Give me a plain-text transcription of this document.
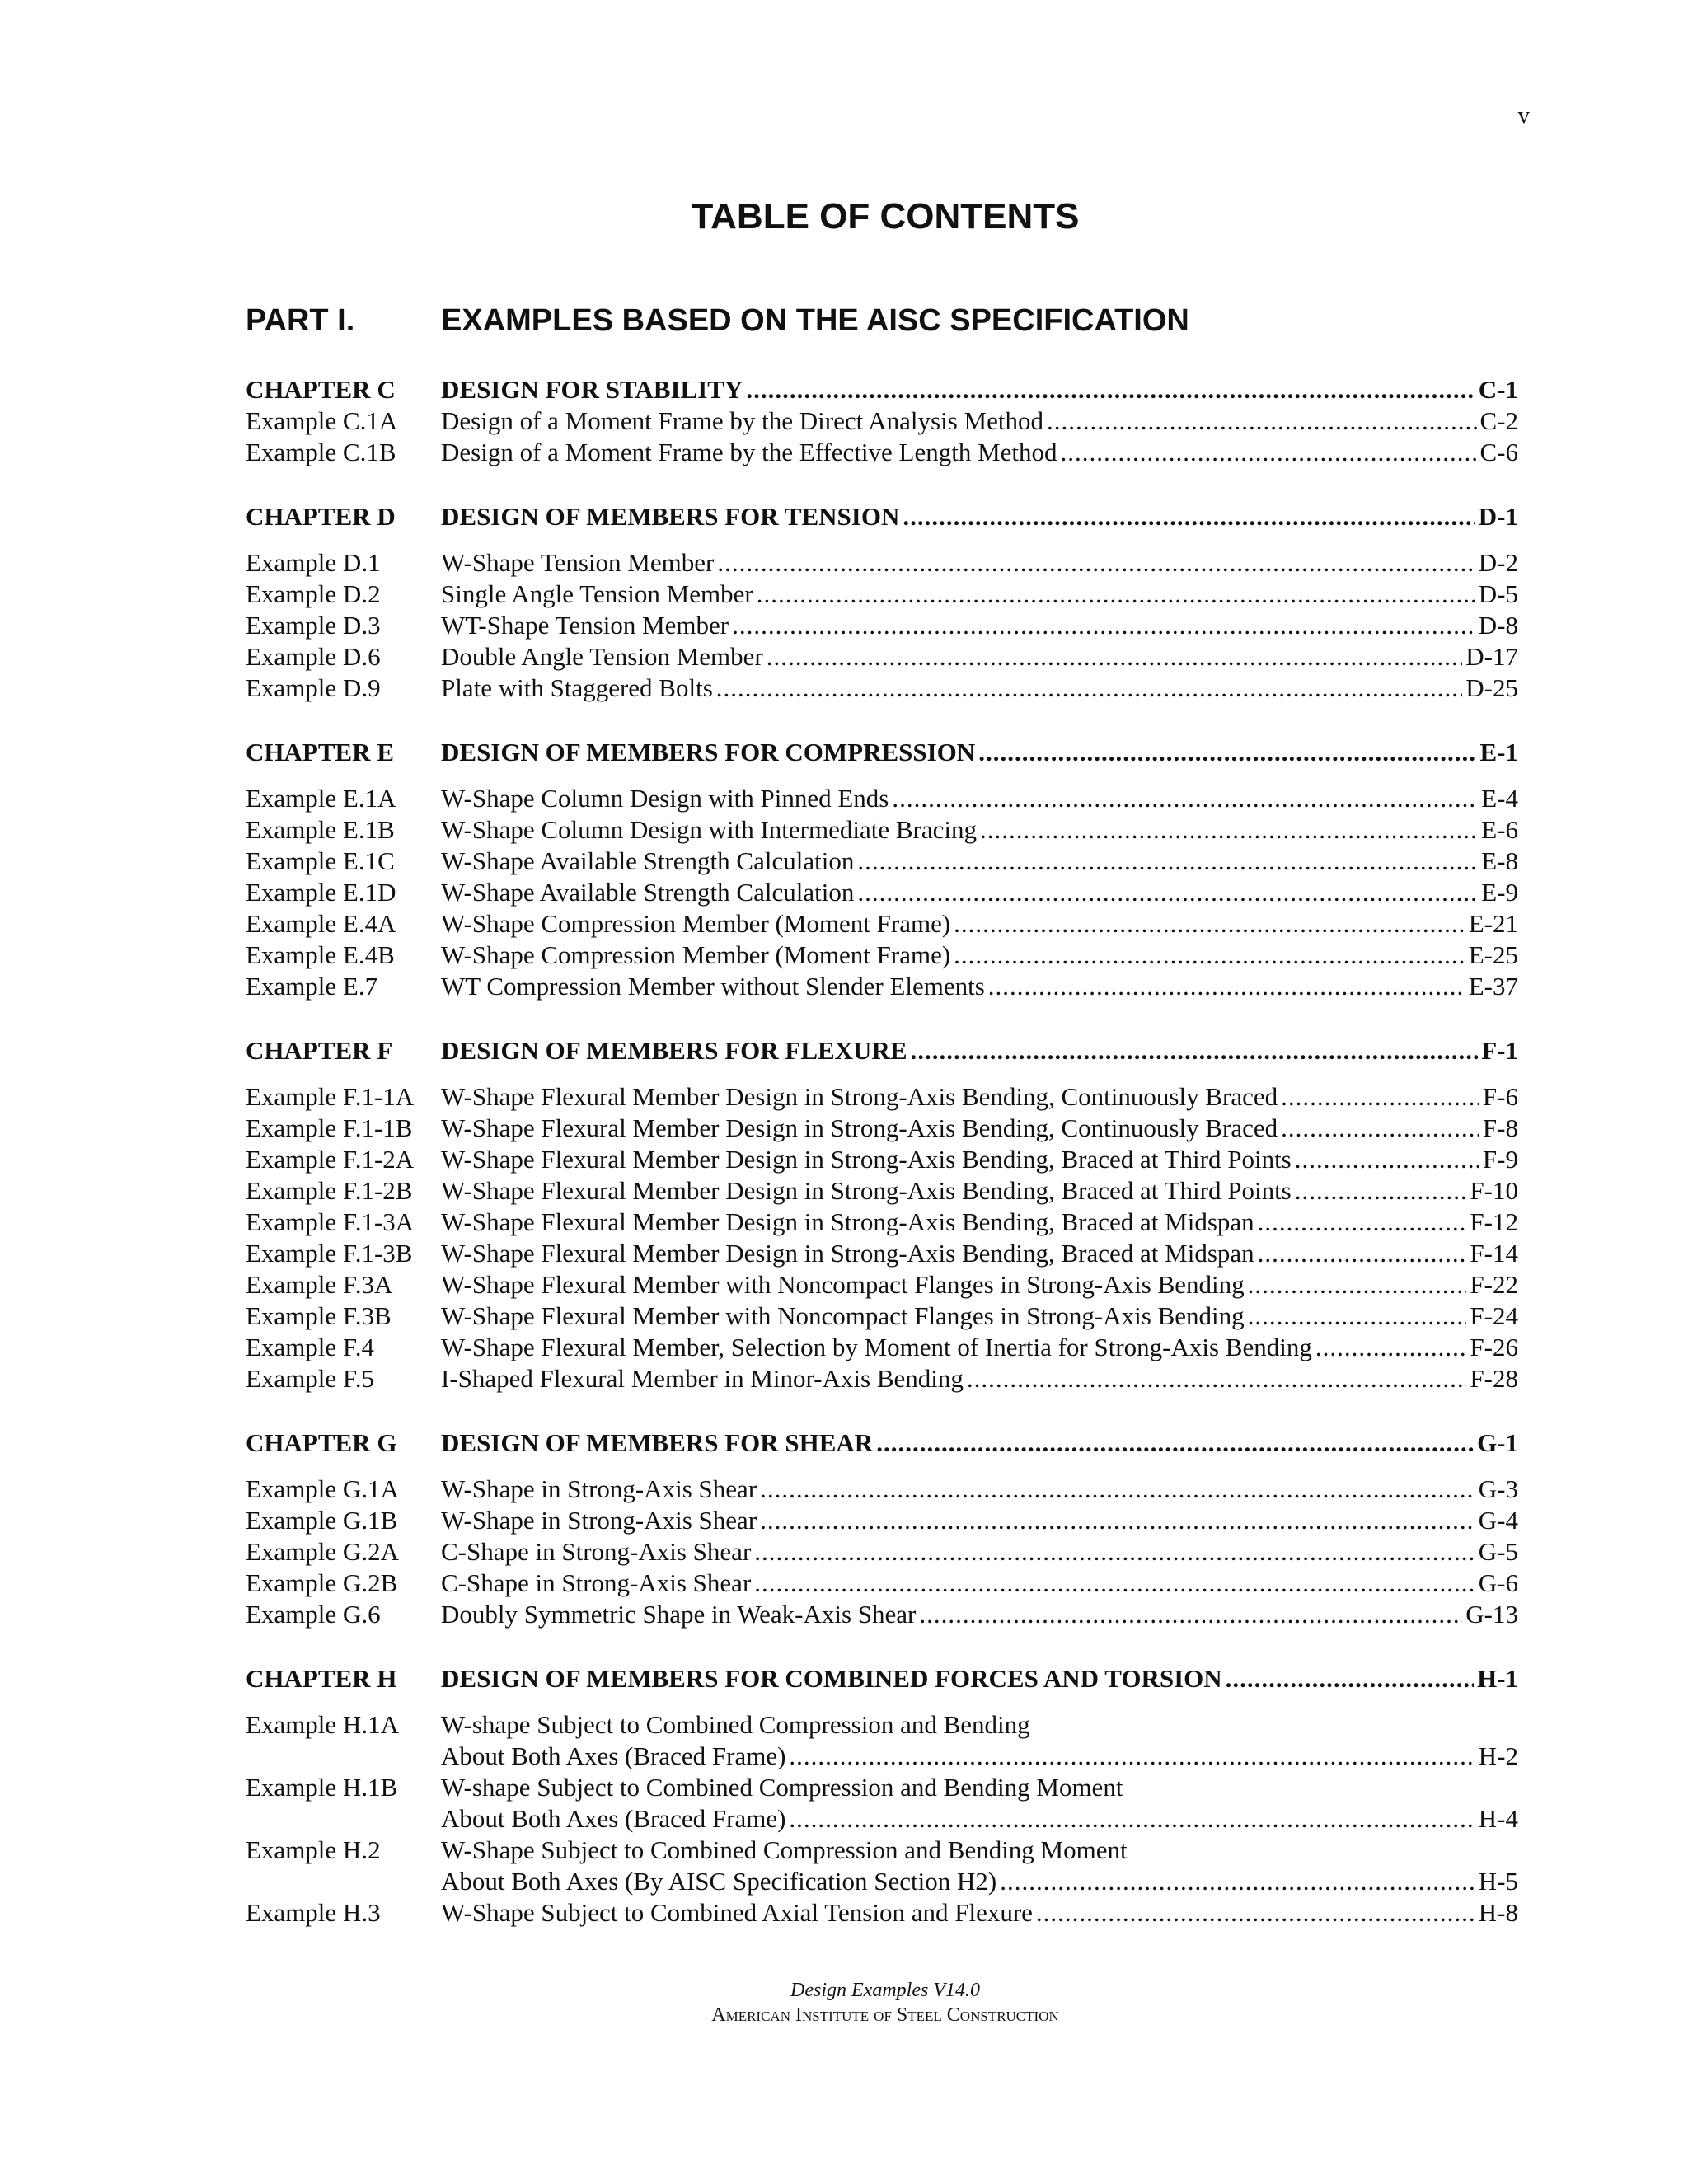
v
TABLE OF CONTENTS
PART I.	EXAMPLES BASED ON THE AISC SPECIFICATION
CHAPTER C	DESIGN FOR STABILITY .....	C-1
Example C.1A	Design of a Moment Frame by the Direct Analysis Method .....	C-2
Example C.1B	Design of a Moment Frame by the Effective Length Method .....	C-6
CHAPTER D	DESIGN OF MEMBERS FOR TENSION .....	D-1
Example D.1	W-Shape Tension Member .....	D-2
Example D.2	Single Angle Tension Member .....	D-5
Example D.3	WT-Shape Tension Member .....	D-8
Example D.6	Double Angle Tension Member .....	D-17
Example D.9	Plate with Staggered Bolts .....	D-25
CHAPTER E	DESIGN OF MEMBERS FOR COMPRESSION .....	E-1
Example E.1A	W-Shape Column Design with Pinned Ends .....	E-4
Example E.1B	W-Shape Column Design with Intermediate Bracing .....	E-6
Example E.1C	W-Shape Available Strength Calculation .....	E-8
Example E.1D	W-Shape Available Strength Calculation .....	E-9
Example E.4A	W-Shape Compression Member (Moment Frame) .....	E-21
Example E.4B	W-Shape Compression Member (Moment Frame) .....	E-25
Example E.7	WT Compression Member without Slender Elements .....	E-37
CHAPTER F	DESIGN OF MEMBERS FOR FLEXURE .....	F-1
Example F.1-1A	W-Shape Flexural Member Design in Strong-Axis Bending, Continuously Braced .....	F-6
Example F.1-1B	W-Shape Flexural Member Design in Strong-Axis Bending, Continuously Braced .....	F-8
Example F.1-2A	W-Shape Flexural Member Design in Strong-Axis Bending, Braced at Third Points .....	F-9
Example F.1-2B	W-Shape Flexural Member Design in Strong-Axis Bending, Braced at Third Points .....	F-10
Example F.1-3A	W-Shape Flexural Member Design in Strong-Axis Bending, Braced at Midspan .....	F-12
Example F.1-3B	W-Shape Flexural Member Design in Strong-Axis Bending, Braced at Midspan .....	F-14
Example F.3A	W-Shape Flexural Member with Noncompact Flanges in Strong-Axis Bending .....	F-22
Example F.3B	W-Shape Flexural Member with Noncompact Flanges in Strong-Axis Bending .....	F-24
Example F.4	W-Shape Flexural Member, Selection by Moment of Inertia for Strong-Axis Bending .....	F-26
Example F.5	I-Shaped Flexural Member in Minor-Axis Bending .....	F-28
CHAPTER G	DESIGN OF MEMBERS FOR SHEAR .....	G-1
Example G.1A	W-Shape in Strong-Axis Shear .....	G-3
Example G.1B	W-Shape in Strong-Axis Shear .....	G-4
Example G.2A	C-Shape in Strong-Axis Shear .....	G-5
Example G.2B	C-Shape in Strong-Axis Shear .....	G-6
Example G.6	Doubly Symmetric Shape in Weak-Axis Shear .....	G-13
CHAPTER H	DESIGN OF MEMBERS FOR COMBINED FORCES AND TORSION .....	H-1
Example H.1A	W-shape Subject to Combined Compression and Bending
About Both Axes (Braced Frame) .....	H-2
Example H.1B	W-shape Subject to Combined Compression and Bending Moment
About Both Axes (Braced Frame) .....	H-4
Example H.2	W-Shape Subject to Combined Compression and Bending Moment
About Both Axes (By AISC Specification Section H2) .....	H-5
Example H.3	W-Shape Subject to Combined Axial Tension and Flexure .....	H-8
Design Examples V14.0
American Institute of Steel Construction
